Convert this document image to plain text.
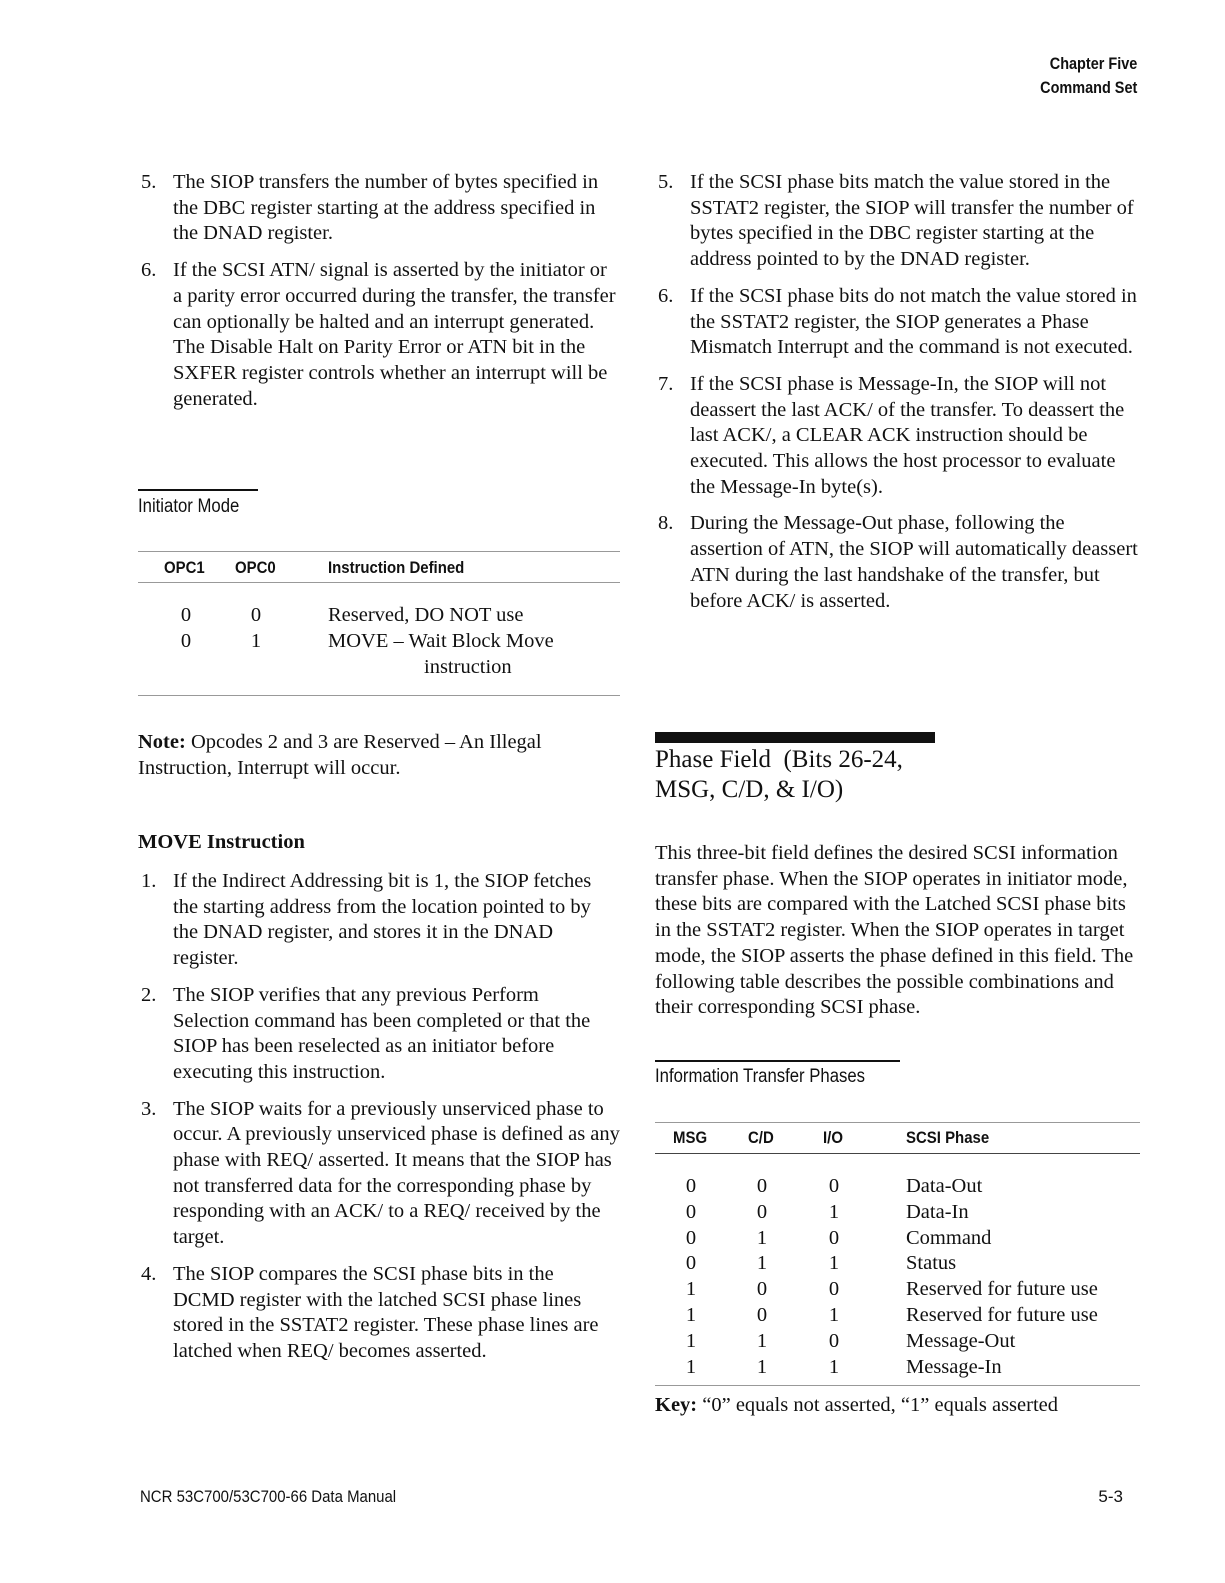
Chapter Five
Command Set
5. The SIOP transfers the number of bytes specified in the DBC register starting at the address specified in the DNAD register.
6. If the SCSI ATN/ signal is asserted by the initiator or a parity error occurred during the transfer, the transfer can optionally be halted and an interrupt generated. The Disable Halt on Parity Error or ATN bit in the SXFER register controls whether an interrupt will be generated.
Initiator Mode
OPC1 OPC0	Instruction Defined
0	0	Reserved, DO NOT use
0	1	MOVE – Wait Block Move
instruction

Note: Opcodes 2 and 3 are Reserved – An Illegal Instruction, Interrupt will occur.

MOVE Instruction
1. If the Indirect Addressing bit is 1, the SIOP fetches the starting address from the location pointed to by the DNAD register, and stores it in the DNAD register.
2. The SIOP verifies that any previous Perform Selection command has been completed or that the SIOP has been reselected as an initiator before executing this instruction.
3. The SIOP waits for a previously unserviced phase to occur. A previously unserviced phase is defined as any phase with REQ/ asserted. It means that the SIOP has not transferred data for the corresponding phase by responding with an ACK/ to a REQ/ received by the target.
4. The SIOP compares the SCSI phase bits in the DCMD register with the latched SCSI phase lines stored in the SSTAT2 register. These phase lines are latched when REQ/ becomes asserted.
5. If the SCSI phase bits match the value stored in the SSTAT2 register, the SIOP will transfer the number of bytes specified in the DBC register starting at the address pointed to by the DNAD register.
6. If the SCSI phase bits do not match the value stored in the SSTAT2 register, the SIOP generates a Phase Mismatch Interrupt and the command is not executed.
7. If the SCSI phase is Message-In, the SIOP will not deassert the last ACK/ of the transfer. To deassert the last ACK/, a CLEAR ACK instruction should be executed. This allows the host processor to evaluate the Message-In byte(s).
8. During the Message-Out phase, following the assertion of ATN, the SIOP will automatically deassert ATN during the last handshake of the transfer, but before ACK/ is asserted.
Phase Field  (Bits 26-24,
MSG, C/D, & I/O)

This three-bit field defines the desired SCSI information transfer phase. When the SIOP operates in initiator mode, these bits are compared with the Latched SCSI phase bits in the SSTAT2 register. When the SIOP operates in target mode, the SIOP asserts the phase defined in this field. The following table describes the possible combinations and their corresponding SCSI phase.

Information Transfer Phases
MSG C/D	I/O	SCSI Phase
0	0	0	Data-Out
0	0	1	Data-In
0	1	0	Command
0	1	1	Status
1	0	0	Reserved for future use
1	0	1	Reserved for future use
1	1	0	Message-Out
1	1	1	Message-In

Key: “0” equals not asserted, “1” equals asserted

NCR 53C700/53C700-66 Data Manual	5-3
